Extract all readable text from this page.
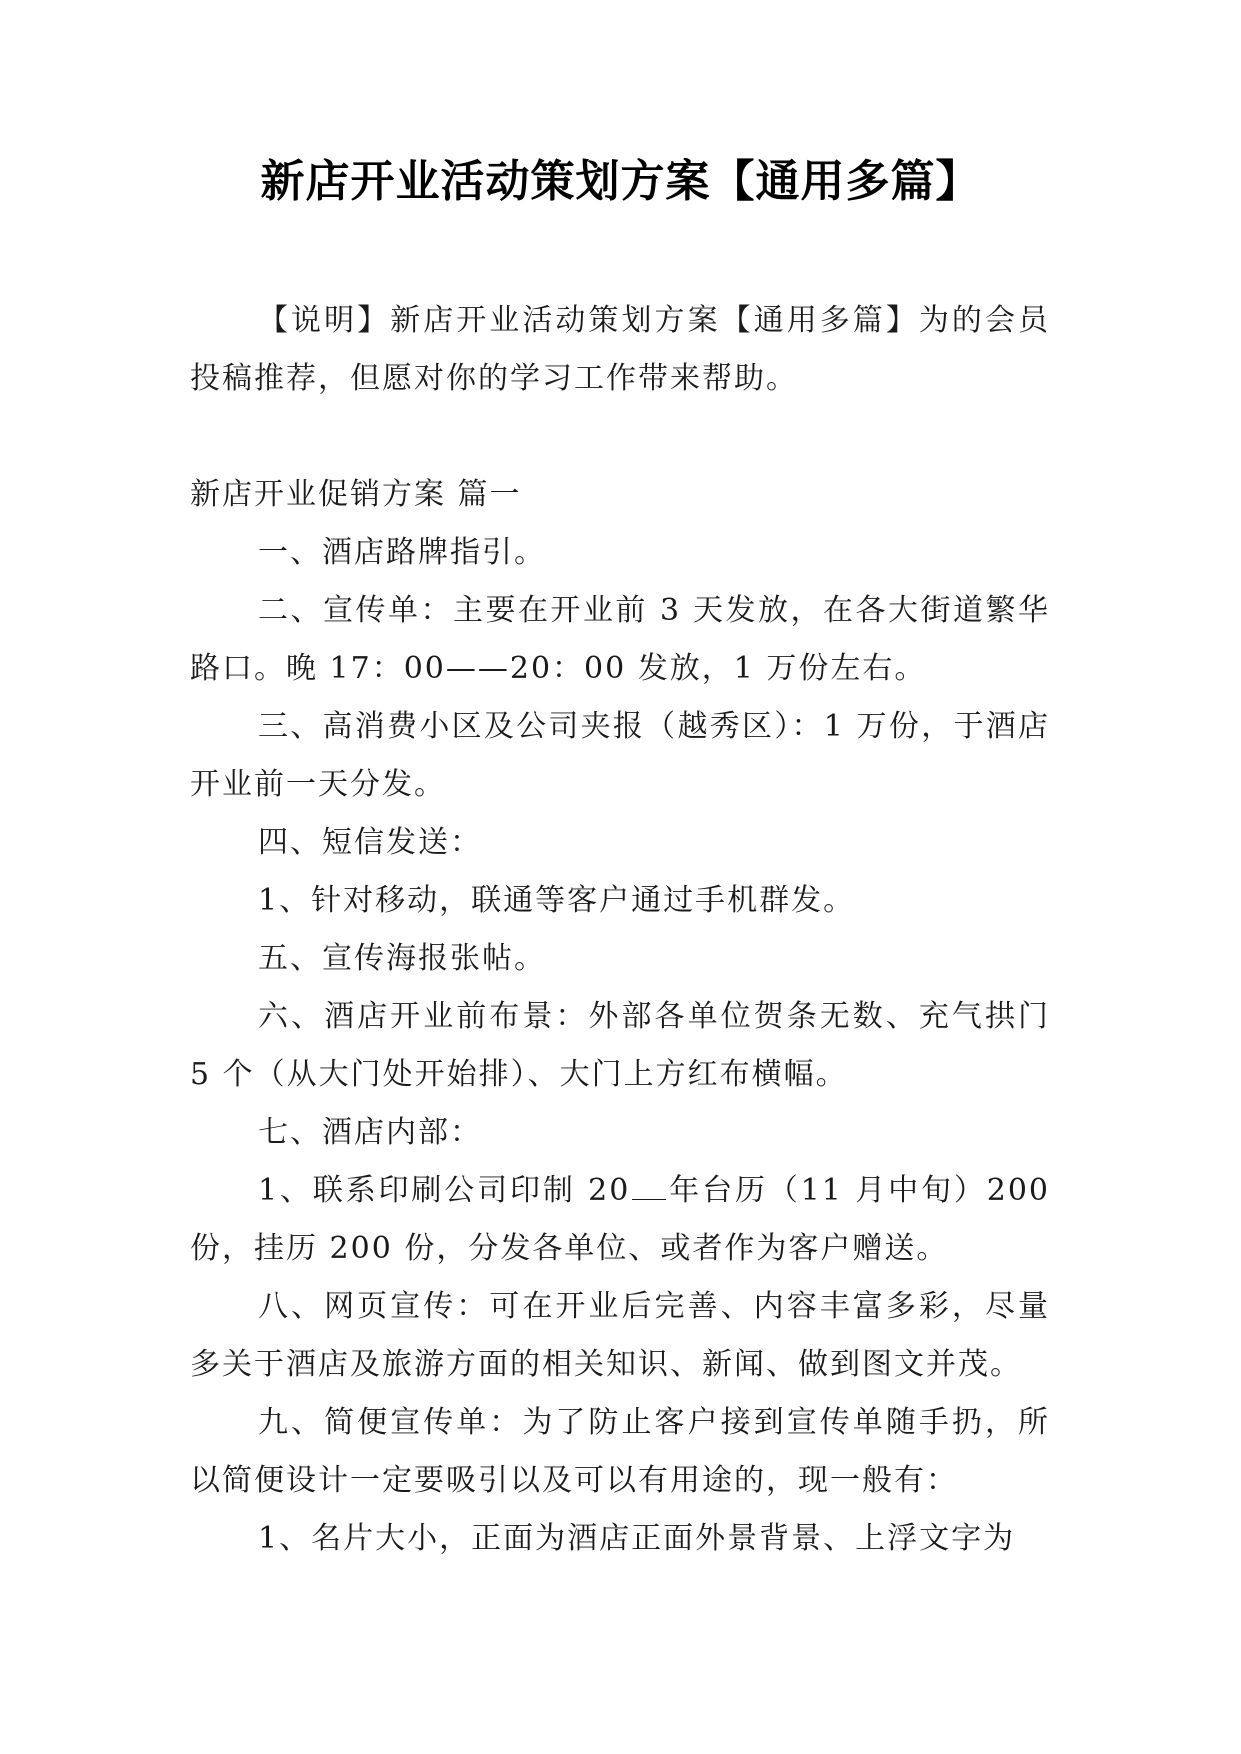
新店开业活动策划方案【通用多篇】

【说明】新店开业活动策划方案【通用多篇】为的会员投稿推荐，但愿对你的学习工作带来帮助。

新店开业促销方案 篇一

一、酒店路牌指引。

二、宣传单：主要在开业前 3 天发放，在各大街道繁华路口。晚 17：00——20：00 发放，1 万份左右。

三、高消费小区及公司夹报（越秀区）：1 万份，于酒店开业前一天分发。

四、短信发送：

1、针对移动，联通等客户通过手机群发。

五、宣传海报张帖。

六、酒店开业前布景：外部各单位贺条无数、充气拱门 5 个（从大门处开始排）、大门上方红布横幅。

七、酒店内部：

1、联系印刷公司印制 20 年台历（11 月中旬）200 份，挂历 200 份，分发各单位、或者作为客户赠送。

八、网页宣传：可在开业后完善、内容丰富多彩，尽量多关于酒店及旅游方面的相关知识、新闻、做到图文并茂。

九、简便宣传单：为了防止客户接到宣传单随手扔，所以简便设计一定要吸引以及可以有用途的，现一般有：

1、名片大小，正面为酒店正面外景背景、上浮文字为
